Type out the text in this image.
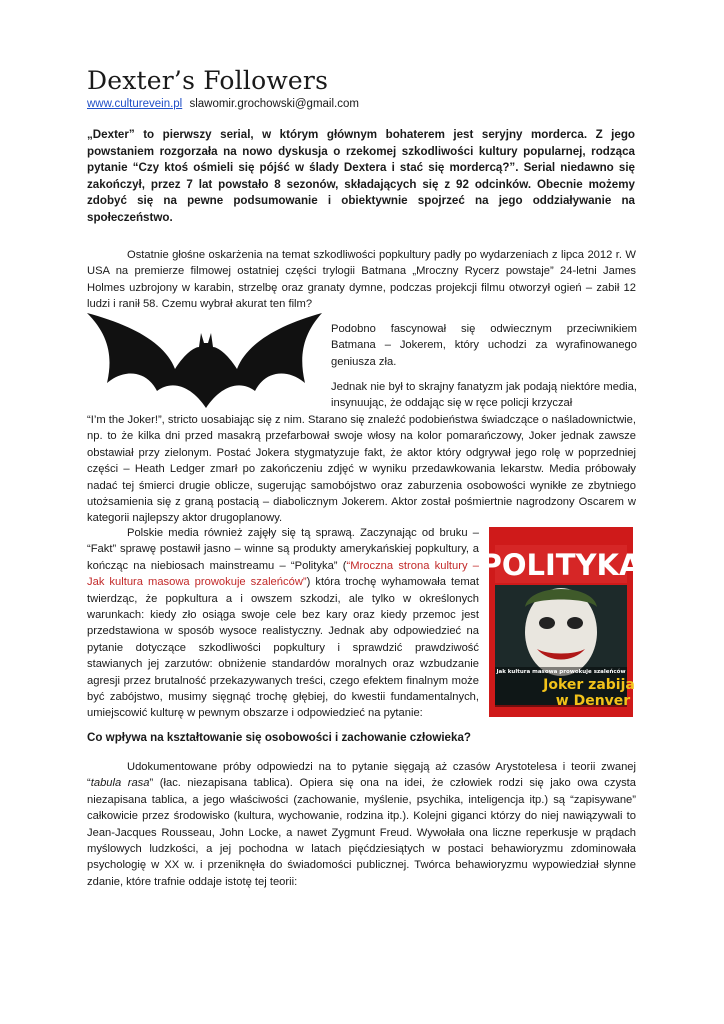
Dexter’s Followers
www.culturevein.pl slawomir.grochowski@gmail.com
„Dexter” to pierwszy serial, w którym głównym bohaterem jest seryjny morderca. Z jego powstaniem rozgorzała na nowo dyskusja o rzekomej szkodliwości kultury popularnej, rodząca pytanie “Czy ktoś ośmieli się pójść w ślady Dextera i stać się mordercą?”. Serial niedawno się zakończył, przez 7 lat powstało 8 sezonów, składających się z 92 odcinków. Obecnie możemy zdobyć się na pewne podsumowanie i obiektywnie spojrzeć na jego oddziaływanie na społeczeństwo.
Ostatnie głośne oskarżenia na temat szkodliwości popkultury padły po wydarzeniach z lipca 2012 r. W USA na premierze filmowej ostatniej części trylogii Batmana „Mroczny Rycerz powstaje” 24-letni James Holmes uzbrojony w karabin, strzelbę oraz granaty dymne, podczas projekcji filmu otworzył ogień – zabił 12 ludzi i ranił 58. Czemu wybrał akurat ten film?
Podobno fascynował się odwiecznym przeciwnikiem Batmana – Jokerem, który uchodzi za wyrafinowanego geniusza zła.
Jednak nie był to skrajny fanatyzm jak podają niektóre media, insynuując, że oddając się w ręce policji krzyczał
“I’m the Joker!”, stricto uosabiając się z nim. Starano się znaleźć podobieństwa świadczące o naśladownictwie, np. to że kilka dni przed masakrą przefarbował swoje włosy na kolor pomarańczowy, Joker jednak zawsze obstawiał przy zielonym. Postać Jokera stygmatyzuje fakt, że aktor który odgrywał jego rolę w poprzedniej części – Heath Ledger zmarł po zakończeniu zdjęć w wyniku przedawkowania lekarstw. Media próbowały nadać tej śmierci drugie oblicze, sugerując samobójstwo oraz zaburzenia osobowości wynikłe ze zbytniego utożsamienia się z graną postacią – diabolicznym Jokerem. Aktor został pośmiertnie nagrodzony Oscarem w kategorii najlepszy aktor drugoplanowy.
Polskie media również zajęły się tą sprawą. Zaczynając od bruku – “Fakt” sprawę postawił jasno – winne są produkty amerykańskiej popkultury, a kończąc na niebiosach mainstreamu – “Polityka” (“Mroczna strona kultury – Jak kultura masowa prowokuje szaleńców”) która trochę wyhamowała temat twierdząc, że popkultura a i owszem szkodzi, ale tylko w określonych warunkach: kiedy zło osiąga swoje cele bez kary oraz kiedy przemoc jest przedstawiona w sposób wysoce realistyczny. Jednak aby odpowiedzieć na pytanie dotyczące szkodliwości popkultury i sprawdzić prawdziwość stawianych jej zarzutów: obniżenie standardów moralnych oraz wzbudzanie agresji przez brutalność przekazywanych treści, czego efektem finalnym może być zabójstwo, musimy sięgnąć trochę głębiej, do kwestii fundamentalnych, umiejscowić kulturę w pewnym obszarze i odpowiedzieć na pytanie:
POLITYKA
Jak kultura masowa prowokuje szaleńców
Joker zabija
w Denver
Co wpływa na kształtowanie się osobowości i zachowanie człowieka?
Udokumentowane próby odpowiedzi na to pytanie sięgają aż czasów Arystotelesa i teorii zwanej “tabula rasa” (łac. niezapisana tablica). Opiera się ona na idei, że człowiek rodzi się jako owa czysta niezapisana tablica, a jego właściwości (zachowanie, myślenie, psychika, inteligencja itp.) są “zapisywane” całkowicie przez środowisko (kultura, wychowanie, rodzina itp.). Kolejni giganci którzy do niej nawiązywali to Jean-Jacques Rousseau, John Locke, a nawet Zygmunt Freud. Wywołała ona liczne reperkusje w prądach myślowych ludzkości, a jej pochodna w latach pięćdziesiątych w postaci behawioryzmu zdominowała psychologię w XX w. i przeniknęła do świadomości publicznej. Twórca behawioryzmu wypowiedział słynne zdanie, które trafnie oddaje istotę tej teorii:
